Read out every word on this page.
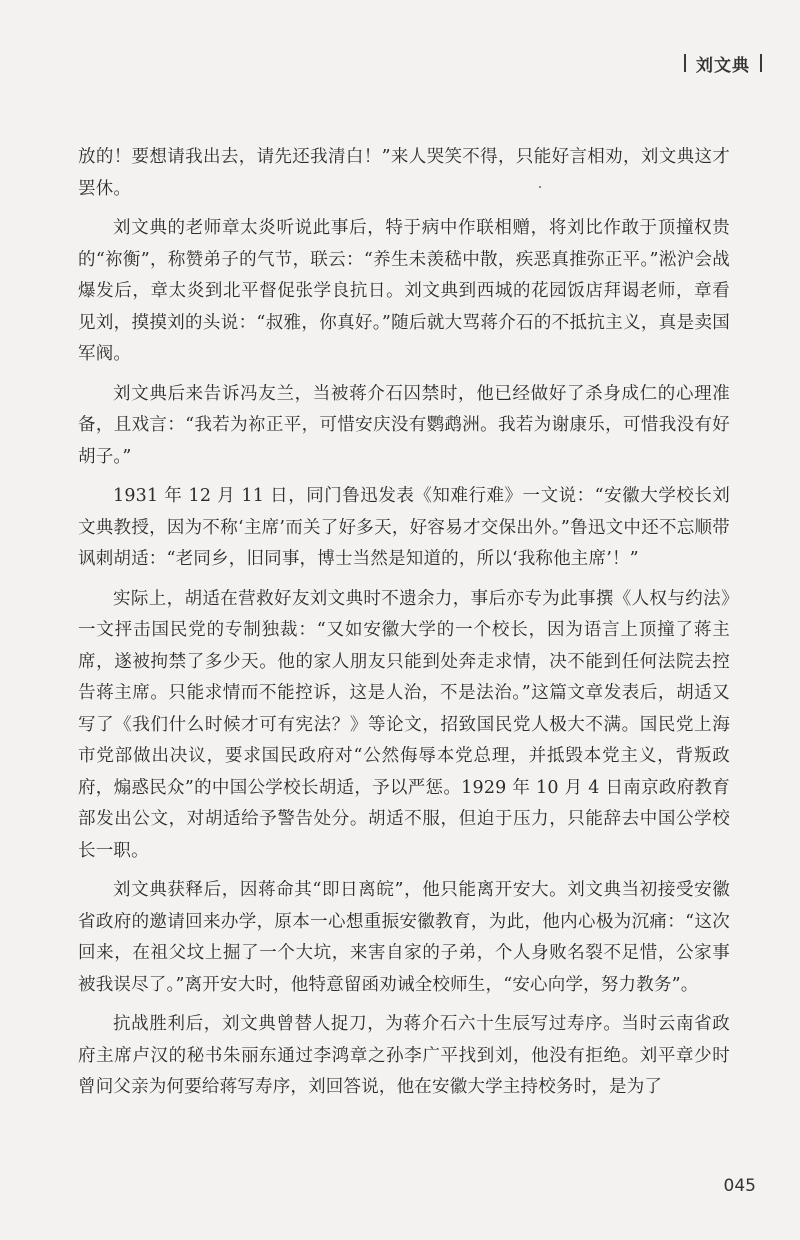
刘文典

放的！要想请我出去，请先还我清白！”来人哭笑不得，只能好言相劝，刘文典这才罢休。

刘文典的老师章太炎听说此事后，特于病中作联相赠，将刘比作敢于顶撞权贵的“祢衡”，称赞弟子的气节，联云：“养生未羡嵇中散，疾恶真推弥正平。”淞沪会战爆发后，章太炎到北平督促张学良抗日。刘文典到西城的花园饭店拜谒老师，章看见刘，摸摸刘的头说：“叔雅，你真好。”随后就大骂蒋介石的不抵抗主义，真是卖国军阀。

刘文典后来告诉冯友兰，当被蒋介石囚禁时，他已经做好了杀身成仁的心理准备，且戏言：“我若为祢正平，可惜安庆没有鹦鹉洲。我若为谢康乐，可惜我没有好胡子。”

1931 年 12 月 11 日，同门鲁迅发表《知难行难》一文说：“安徽大学校长刘文典教授，因为不称‘主席’而关了好多天，好容易才交保出外。”鲁迅文中还不忘顺带讽刺胡适：“老同乡，旧同事，博士当然是知道的，所以‘我称他主席’！”

实际上，胡适在营救好友刘文典时不遗余力，事后亦专为此事撰《人权与约法》一文抨击国民党的专制独裁：“又如安徽大学的一个校长，因为语言上顶撞了蒋主席，遂被拘禁了多少天。他的家人朋友只能到处奔走求情，决不能到任何法院去控告蒋主席。只能求情而不能控诉，这是人治，不是法治。”这篇文章发表后，胡适又写了《我们什么时候才可有宪法？》等论文，招致国民党人极大不满。国民党上海市党部做出决议，要求国民政府对“公然侮辱本党总理，并抵毁本党主义，背叛政府，煽惑民众”的中国公学校长胡适，予以严惩。1929 年 10 月 4 日南京政府教育部发出公文，对胡适给予警告处分。胡适不服，但迫于压力，只能辞去中国公学校长一职。

刘文典获释后，因蒋命其“即日离皖”，他只能离开安大。刘文典当初接受安徽省政府的邀请回来办学，原本一心想重振安徽教育，为此，他内心极为沉痛：“这次回来，在祖父坟上掘了一个大坑，来害自家的子弟，个人身败名裂不足惜，公家事被我误尽了。”离开安大时，他特意留函劝诫全校师生，“安心向学，努力教务”。

抗战胜利后，刘文典曾替人捉刀，为蒋介石六十生辰写过寿序。当时云南省政府主席卢汉的秘书朱丽东通过李鸿章之孙李广平找到刘，他没有拒绝。刘平章少时曾问父亲为何要给蒋写寿序，刘回答说，他在安徽大学主持校务时，是为了

045
